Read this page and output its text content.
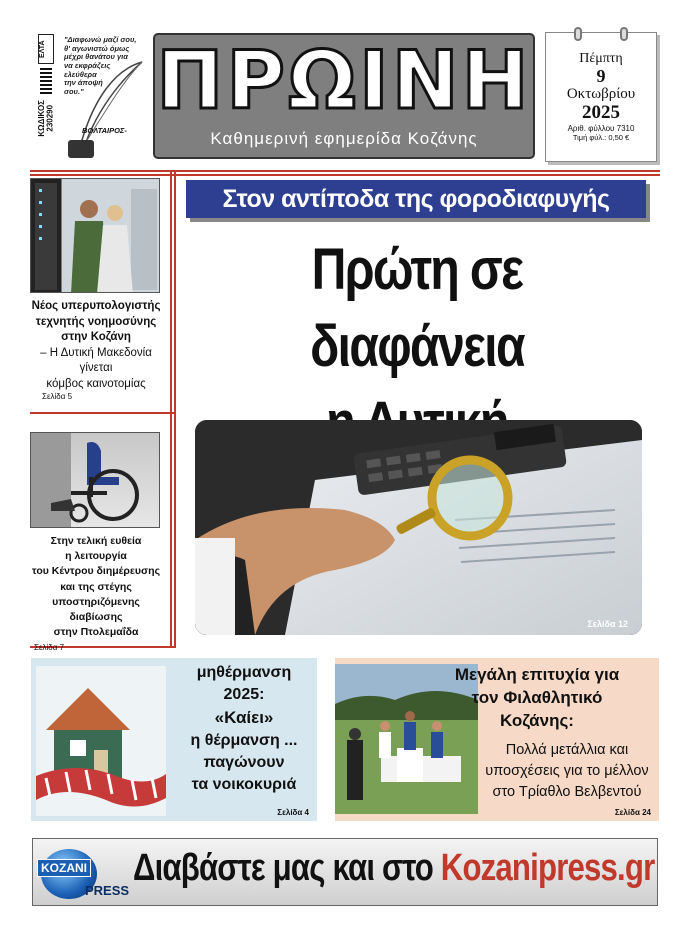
ΕΛΤΑ
ΚΩΔΙΚΟΣ
230290
"Διαφωνώ μαζί σου,
θ' αγωνιστώ όμως
μέχρι θανάτου για
να εκφράζεις
ελεύθερα
την άποψή
σου."
ΒΟΛΤΑΙΡΟΣ-
ΠΡΩΙΝΗ
Καθημερινή εφημερίδα Κοζάνης
Πέμπτη
9
Οκτωβρίου
2025
Αριθ. φύλλου 7310
Τιμή φύλ.: 0,50 €
Νέος υπερυπολογιστής
τεχνητής νοημοσύνης
στην Κοζάνη
– Η Δυτική Μακεδονία
γίνεται
κόμβος καινοτομίας
Σελίδα 5
Στην τελική ευθεία
η λειτουργία
του Κέντρου διημέρευσης
και της στέγης
υποστηριζόμενης διαβίωσης
στην Πτολεμαΐδα
Σελίδα 7
Στον αντίποδα της φοροδιαφυγής
Πρώτη σε διαφάνεια
Σελίδα 12
μηθέρμανση
2025:
«Καίει»
η θέρμανση ...
παγώνουν
τα νοικοκυριά
Σελίδα 4
Μεγάλη επιτυχία για
τον Φιλαθλητικό
Κοζάνης:
Πολλά μετάλλια και
υποσχέσεις για το μέλλον
στο Τρίαθλο Βελβεντού
Σελίδα 24
KOZANI
PRESS
Διαβάστε μας και στο Kozanipress.gr
